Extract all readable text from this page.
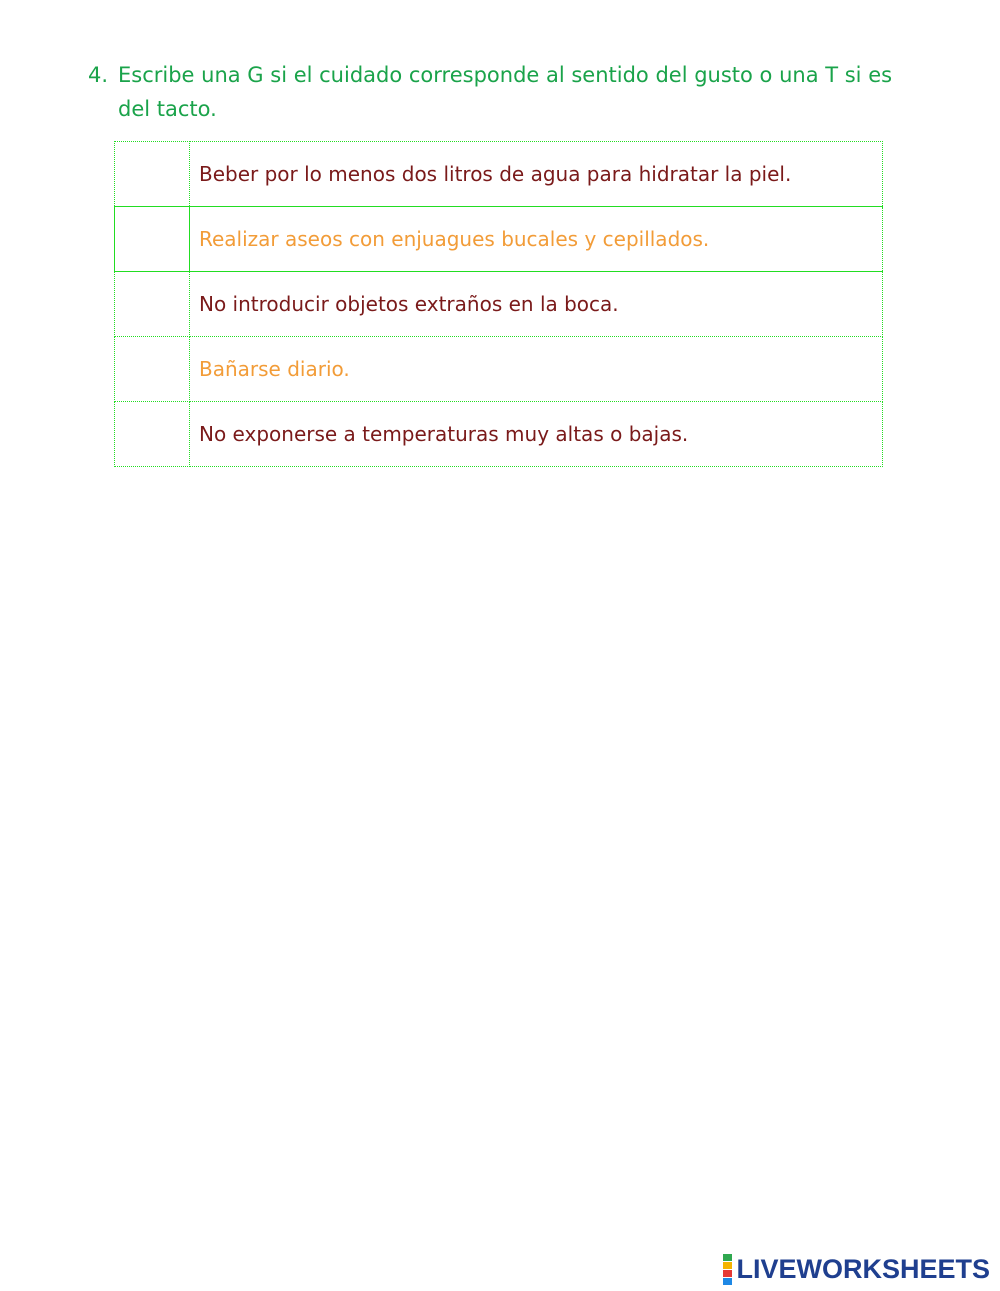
4. Escribe una G si el cuidado corresponde al sentido del gusto o una T si es del tacto.
	Beber por lo menos dos litros de agua para hidratar la piel.
	Realizar aseos con enjuagues bucales y cepillados.
	No introducir objetos extraños en la boca.
	Bañarse diario.
	No exponerse a temperaturas muy altas o bajas.
LIVEWORKSHEETS
